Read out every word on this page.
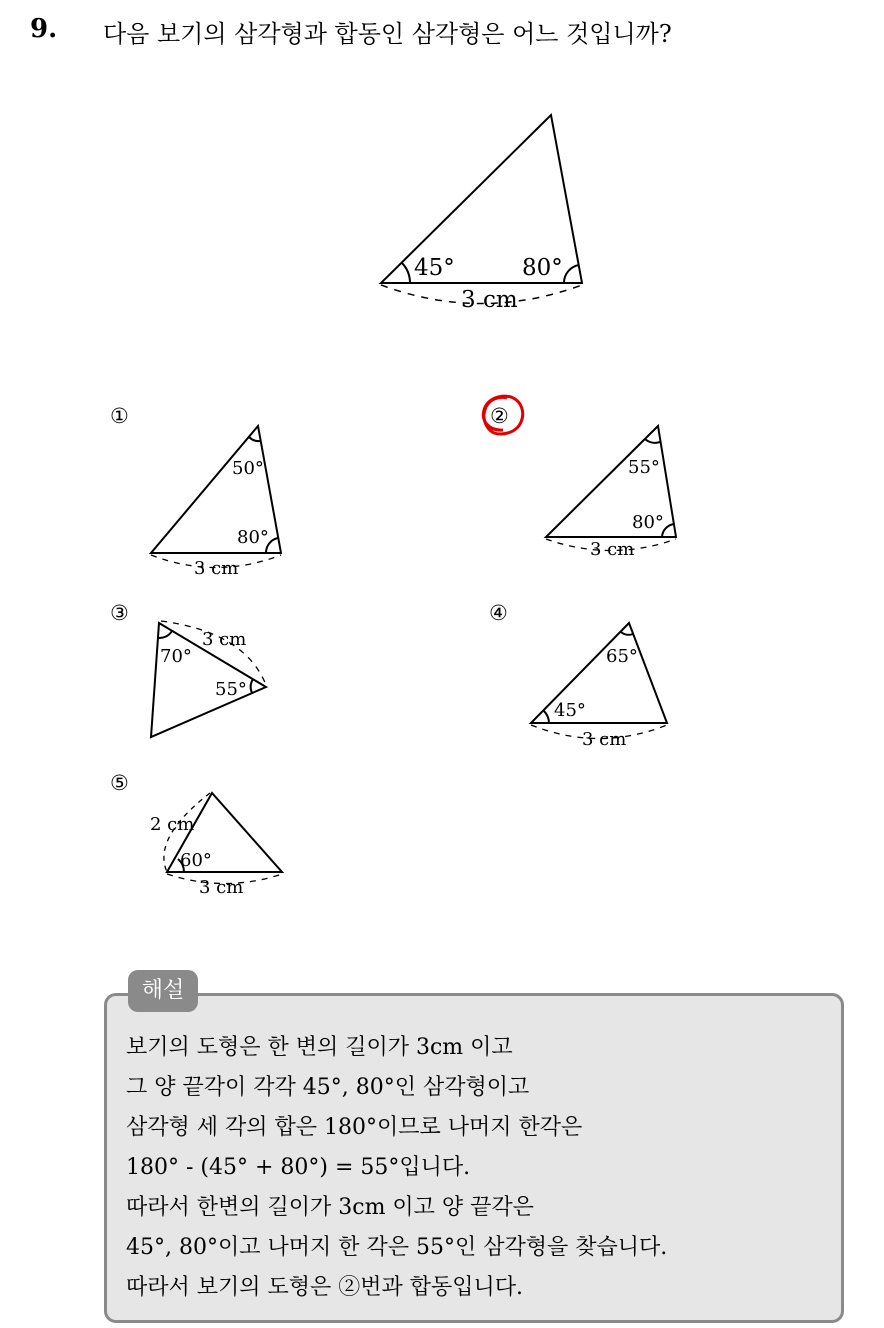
9. 다음 보기의 삼각형과 합동인 삼각형은 어느 것입니까?
45°	80°
3 cm
①
50°
80°
3 cm
②
55°
80°
3 cm
③
70°
55°
3 cm
④
65°
45°
3 cm
⑤
2 cm
60°
3 cm
해설
보기의 도형은 한 변의 길이가 3cm 이고
그 양 끝각이 각각 45°, 80°인 삼각형이고
삼각형 세 각의 합은 180°이므로 나머지 한각은
180° - (45° + 80°) = 55°입니다.
따라서 한변의 길이가 3cm 이고 양 끝각은
45°, 80°이고 나머지 한 각은 55°인 삼각형을 찾습니다.
따라서 보기의 도형은 ②번과 합동입니다.
